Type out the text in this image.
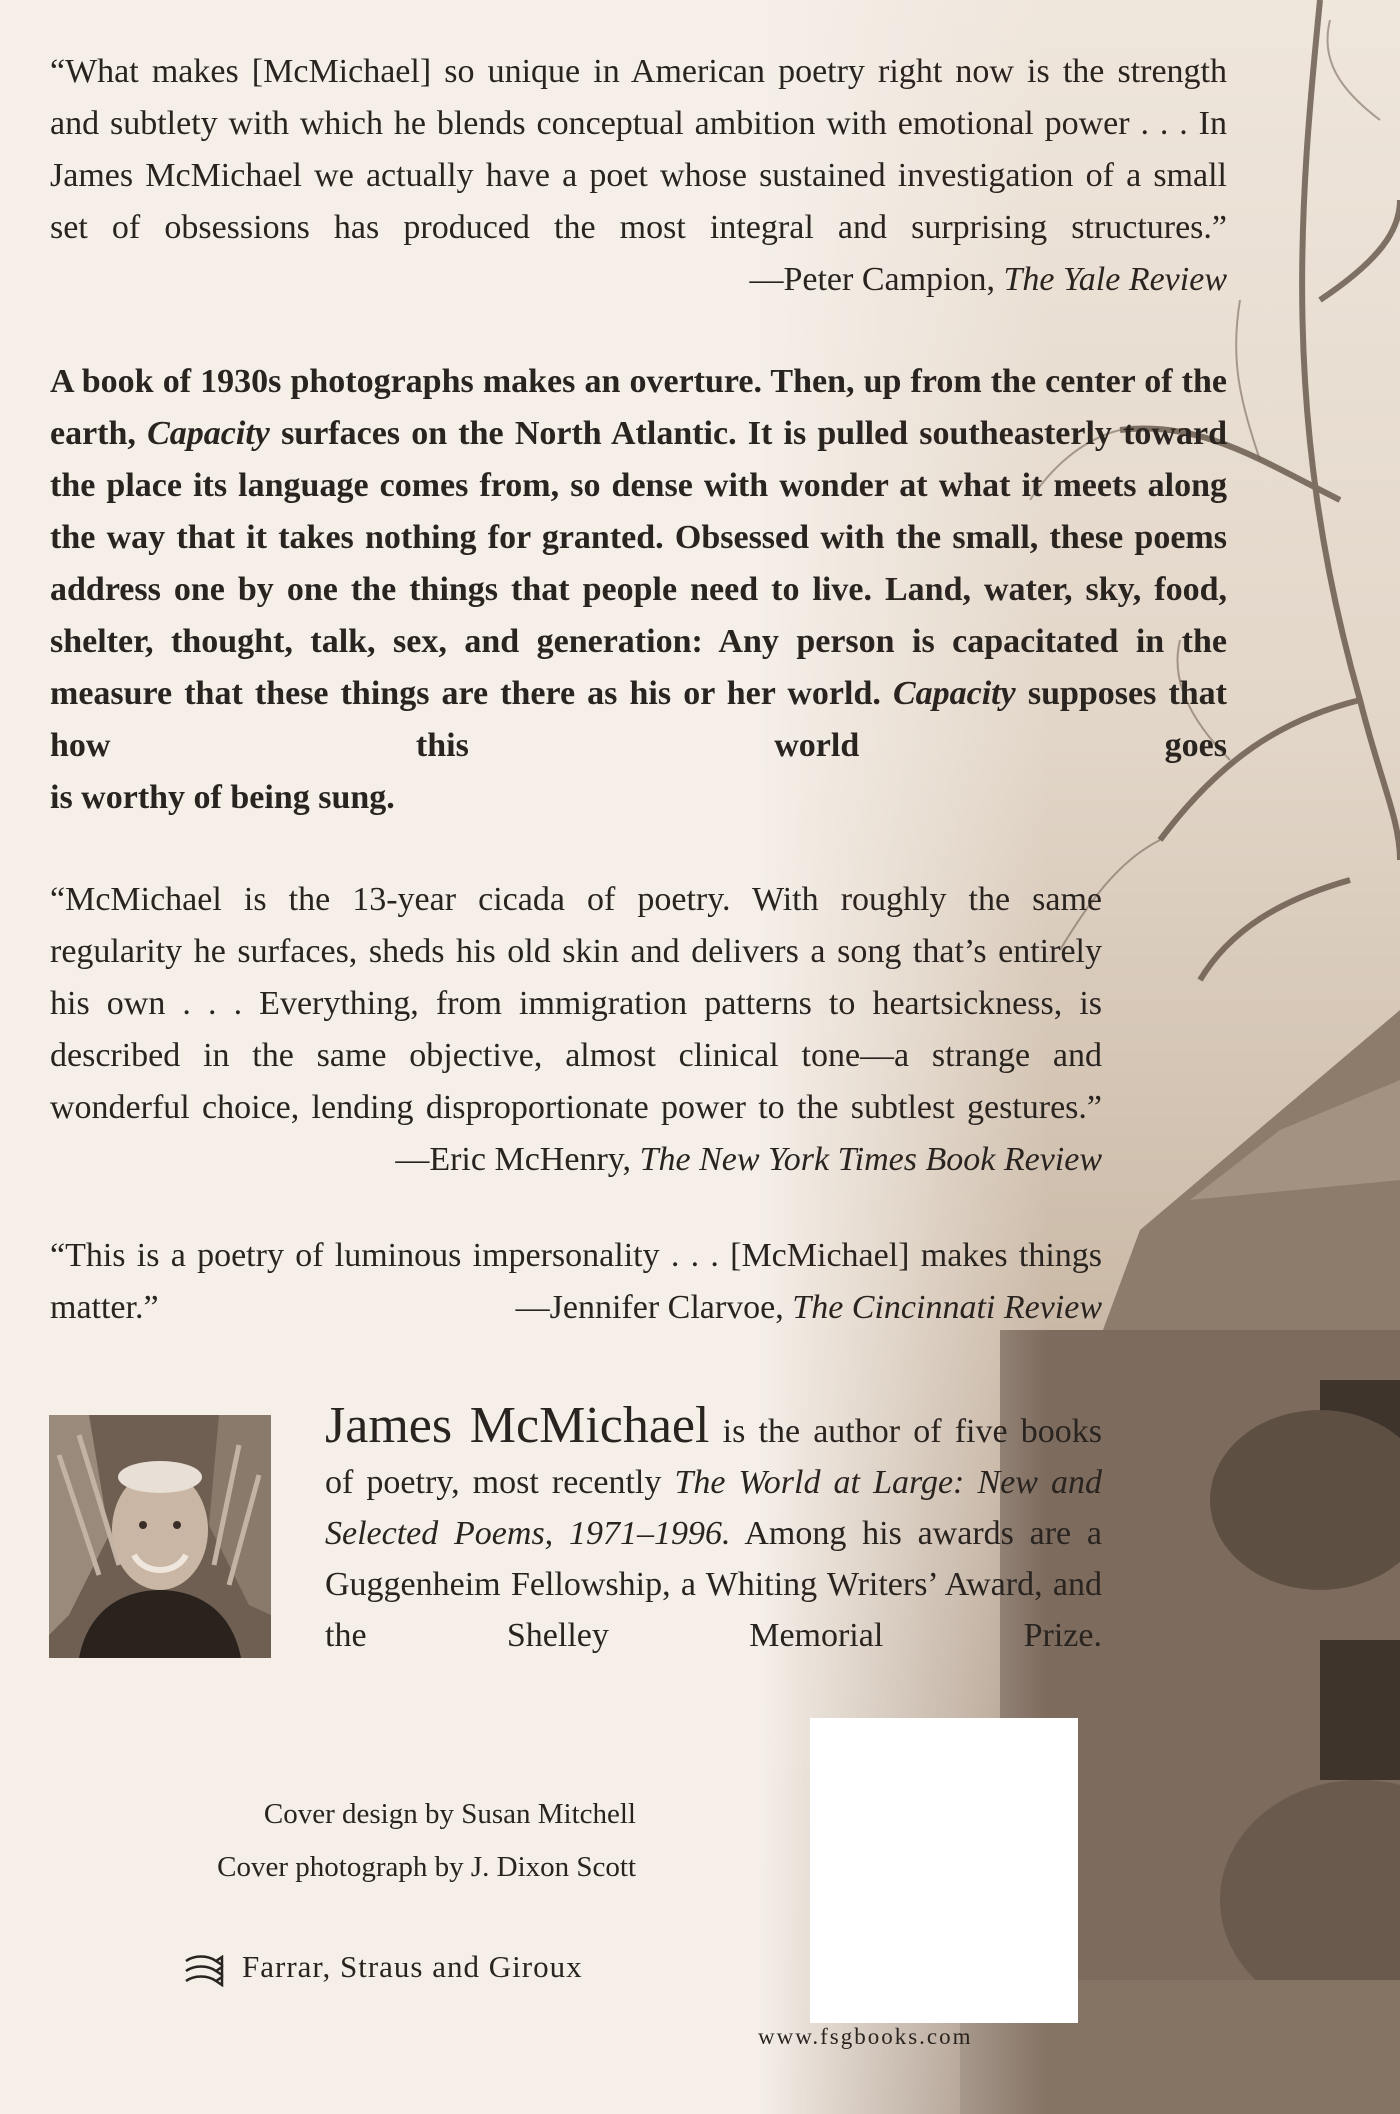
“What makes [McMichael] so unique in American poetry right now is the strength and subtlety with which he blends conceptual ambition with emotional power . . . In James McMichael we actually have a poet whose sustained investigation of a small set of obsessions has produced the most integral and surprising structures.”
—Peter Campion, The Yale Review

A book of 1930s photographs makes an overture. Then, up from the center of the earth, Capacity surfaces on the North Atlantic. It is pulled southeasterly toward the place its language comes from, so dense with wonder at what it meets along the way that it takes nothing for granted. Obsessed with the small, these poems address one by one the things that people need to live. Land, water, sky, food, shelter, thought, talk, sex, and generation: Any person is capacitated in the measure that these things are there as his or her world. Capacity supposes that how this world goes
is worthy of being sung.

“McMichael is the 13-year cicada of poetry. With roughly the same regularity he surfaces, sheds his old skin and delivers a song that’s entirely his own . . . Everything, from immigration patterns to heartsickness, is described in the same objective, almost clinical tone—a strange and wonderful choice, lending disproportionate power to the subtlest gestures.”
—Eric McHenry, The New York Times Book Review

“This is a poetry of luminous impersonality . . . [McMichael] makes things matter.”	—Jennifer Clarvoe, The Cincinnati Review

James McMichael is the author of five books of poetry, most recently The World at Large: New and Selected Poems, 1971–1996. Among his awards are a Guggenheim Fellowship, a Whiting Writers’ Award, and the Shelley Memorial Prize.

Cover design by Susan Mitchell
Cover photograph by J. Dixon Scott
Farrar, Straus and Giroux
www.fsgbooks.com
